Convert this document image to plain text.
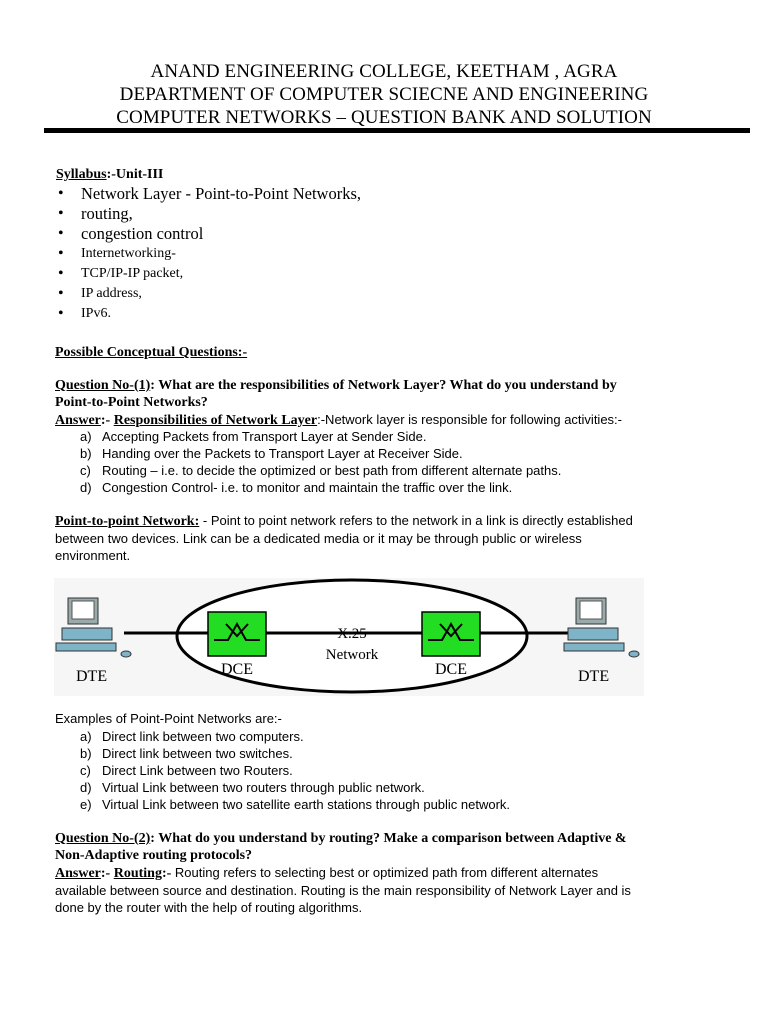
ANAND ENGINEERING COLLEGE, KEETHAM , AGRA
DEPARTMENT OF COMPUTER SCIECNE AND ENGINEERING
COMPUTER NETWORKS – QUESTION BANK AND SOLUTION
Syllabus:-Unit-III
• Network Layer - Point-to-Point Networks,
• routing,
• congestion control
• Internetworking-
• TCP/IP-IP packet,
• IP address,
• IPv6.
Possible Conceptual Questions:-
Question No-(1): What are the responsibilities of Network Layer? What do you understand by
Point-to-Point Networks?
Answer:- Responsibilities of Network Layer:-Network layer is responsible for following activities:-
a) Accepting Packets from Transport Layer at Sender Side.
b) Handing over the Packets to Transport Layer at Receiver Side.
c) Routing – i.e. to decide the optimized or best path from different alternate paths.
d) Congestion Control- i.e. to monitor and maintain the traffic over the link.
Point-to-point Network: - Point to point network refers to the network in a link is directly established
between two devices. Link can be a dedicated media or it may be through public or wireless
environment.
DTE	DTE
DCE	DCE
X.25
Network
Examples of Point-Point Networks are:-
a) Direct link between two computers.
b) Direct link between two switches.
c) Direct Link between two Routers.
d) Virtual Link between two routers through public network.
e) Virtual Link between two satellite earth stations through public network.
Question No-(2): What do you understand by routing? Make a comparison between Adaptive &
Non-Adaptive routing protocols?
Answer:- Routing:- Routing refers to selecting best or optimized path from different alternates
available between source and destination. Routing is the main responsibility of Network Layer and is
done by the router with the help of routing algorithms.
